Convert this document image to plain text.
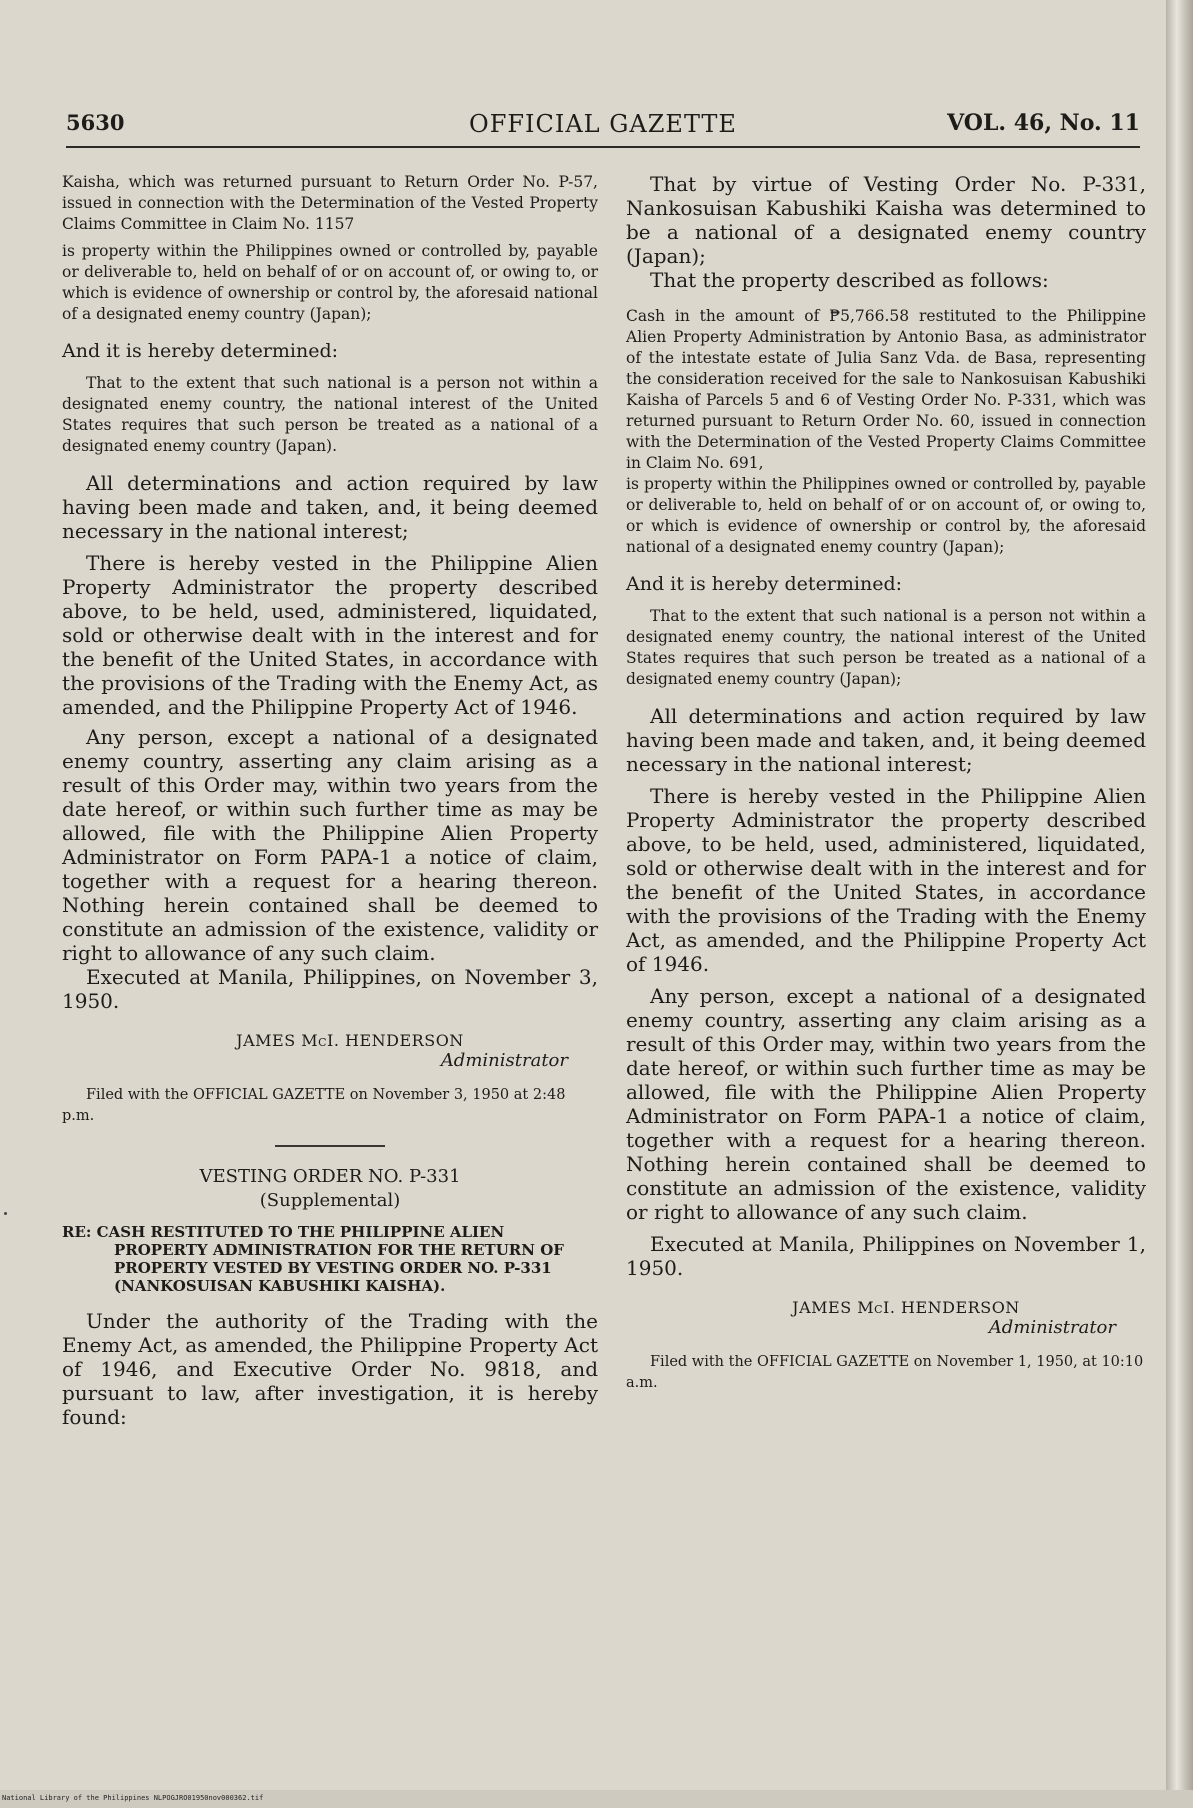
5630	OFFICIAL GAZETTE	VOL. 46, No. 11

Kaisha, which was returned pursuant to Return Order No. P-57, issued in connection with the Determination of the Vested Property Claims Committee in Claim No. 1157

is property within the Philippines owned or controlled by, payable or deliverable to, held on behalf of or on account of, or owing to, or which is evidence of ownership or control by, the aforesaid national of a designated enemy country (Japan);

And it is hereby determined:

That to the extent that such national is a person not within a designated enemy country, the national interest of the United States requires that such person be treated as a national of a designated enemy country (Japan).

All determinations and action required by law having been made and taken, and, it being deemed necessary in the national interest;

There is hereby vested in the Philippine Alien Property Administrator the property described above, to be held, used, administered, liquidated, sold or otherwise dealt with in the interest and for the benefit of the United States, in accordance with the provisions of the Trading with the Enemy Act, as amended, and the Philippine Property Act of 1946.

Any person, except a national of a designated enemy country, asserting any claim arising as a result of this Order may, within two years from the date hereof, or within such further time as may be allowed, file with the Philippine Alien Property Administrator on Form PAPA-1 a notice of claim, together with a request for a hearing thereon. Nothing herein contained shall be deemed to constitute an admission of the existence, validity or right to allowance of any such claim.

Executed at Manila, Philippines, on November 3, 1950.

JAMES McI. HENDERSON

Administrator

Filed with the OFFICIAL GAZETTE on November 3, 1950 at 2:48 p.m.

VESTING ORDER NO. P-331

(Supplemental)

RE: CASH RESTITUTED TO THE PHILIPPINE ALIEN PROPERTY ADMINISTRATION FOR THE RETURN OF PROPERTY VESTED BY VESTING ORDER NO. P-331 (NANKOSUISAN KABUSHIKI KAISHA).

Under the authority of the Trading with the Enemy Act, as amended, the Philippine Property Act of 1946, and Executive Order No. 9818, and pursuant to law, after investigation, it is hereby found:

That by virtue of Vesting Order No. P-331, Nankosuisan Kabushiki Kaisha was determined to be a national of a designated enemy country (Japan);

That the property described as follows:

Cash in the amount of ₱5,766.58 restituted to the Philippine Alien Property Administration by Antonio Basa, as administrator of the intestate estate of Julia Sanz Vda. de Basa, representing the consideration received for the sale to Nankosuisan Kabushiki Kaisha of Parcels 5 and 6 of Vesting Order No. P-331, which was returned pursuant to Return Order No. 60, issued in connection with the Determination of the Vested Property Claims Committee in Claim No. 691,

is property within the Philippines owned or controlled by, payable or deliverable to, held on behalf of or on account of, or owing to, or which is evidence of ownership or control by, the aforesaid national of a designated enemy country (Japan);

And it is hereby determined:

That to the extent that such national is a person not within a designated enemy country, the national interest of the United States requires that such person be treated as a national of a designated enemy country (Japan);

All determinations and action required by law having been made and taken, and, it being deemed necessary in the national interest;

There is hereby vested in the Philippine Alien Property Administrator the property described above, to be held, used, administered, liquidated, sold or otherwise dealt with in the interest and for the benefit of the United States, in accordance with the provisions of the Trading with the Enemy Act, as amended, and the Philippine Property Act of 1946.

Any person, except a national of a designated enemy country, asserting any claim arising as a result of this Order may, within two years from the date hereof, or within such further time as may be allowed, file with the Philippine Alien Property Administrator on Form PAPA-1 a notice of claim, together with a request for a hearing thereon. Nothing herein contained shall be deemed to constitute an admission of the existence, validity or right to allowance of any such claim.

Executed at Manila, Philippines on November 1, 1950.

JAMES McI. HENDERSON

Administrator

Filed with the OFFICIAL GAZETTE on November 1, 1950, at 10:10 a.m.

National Library of the Philippines NLPOGJRO01950nov000362.tif
